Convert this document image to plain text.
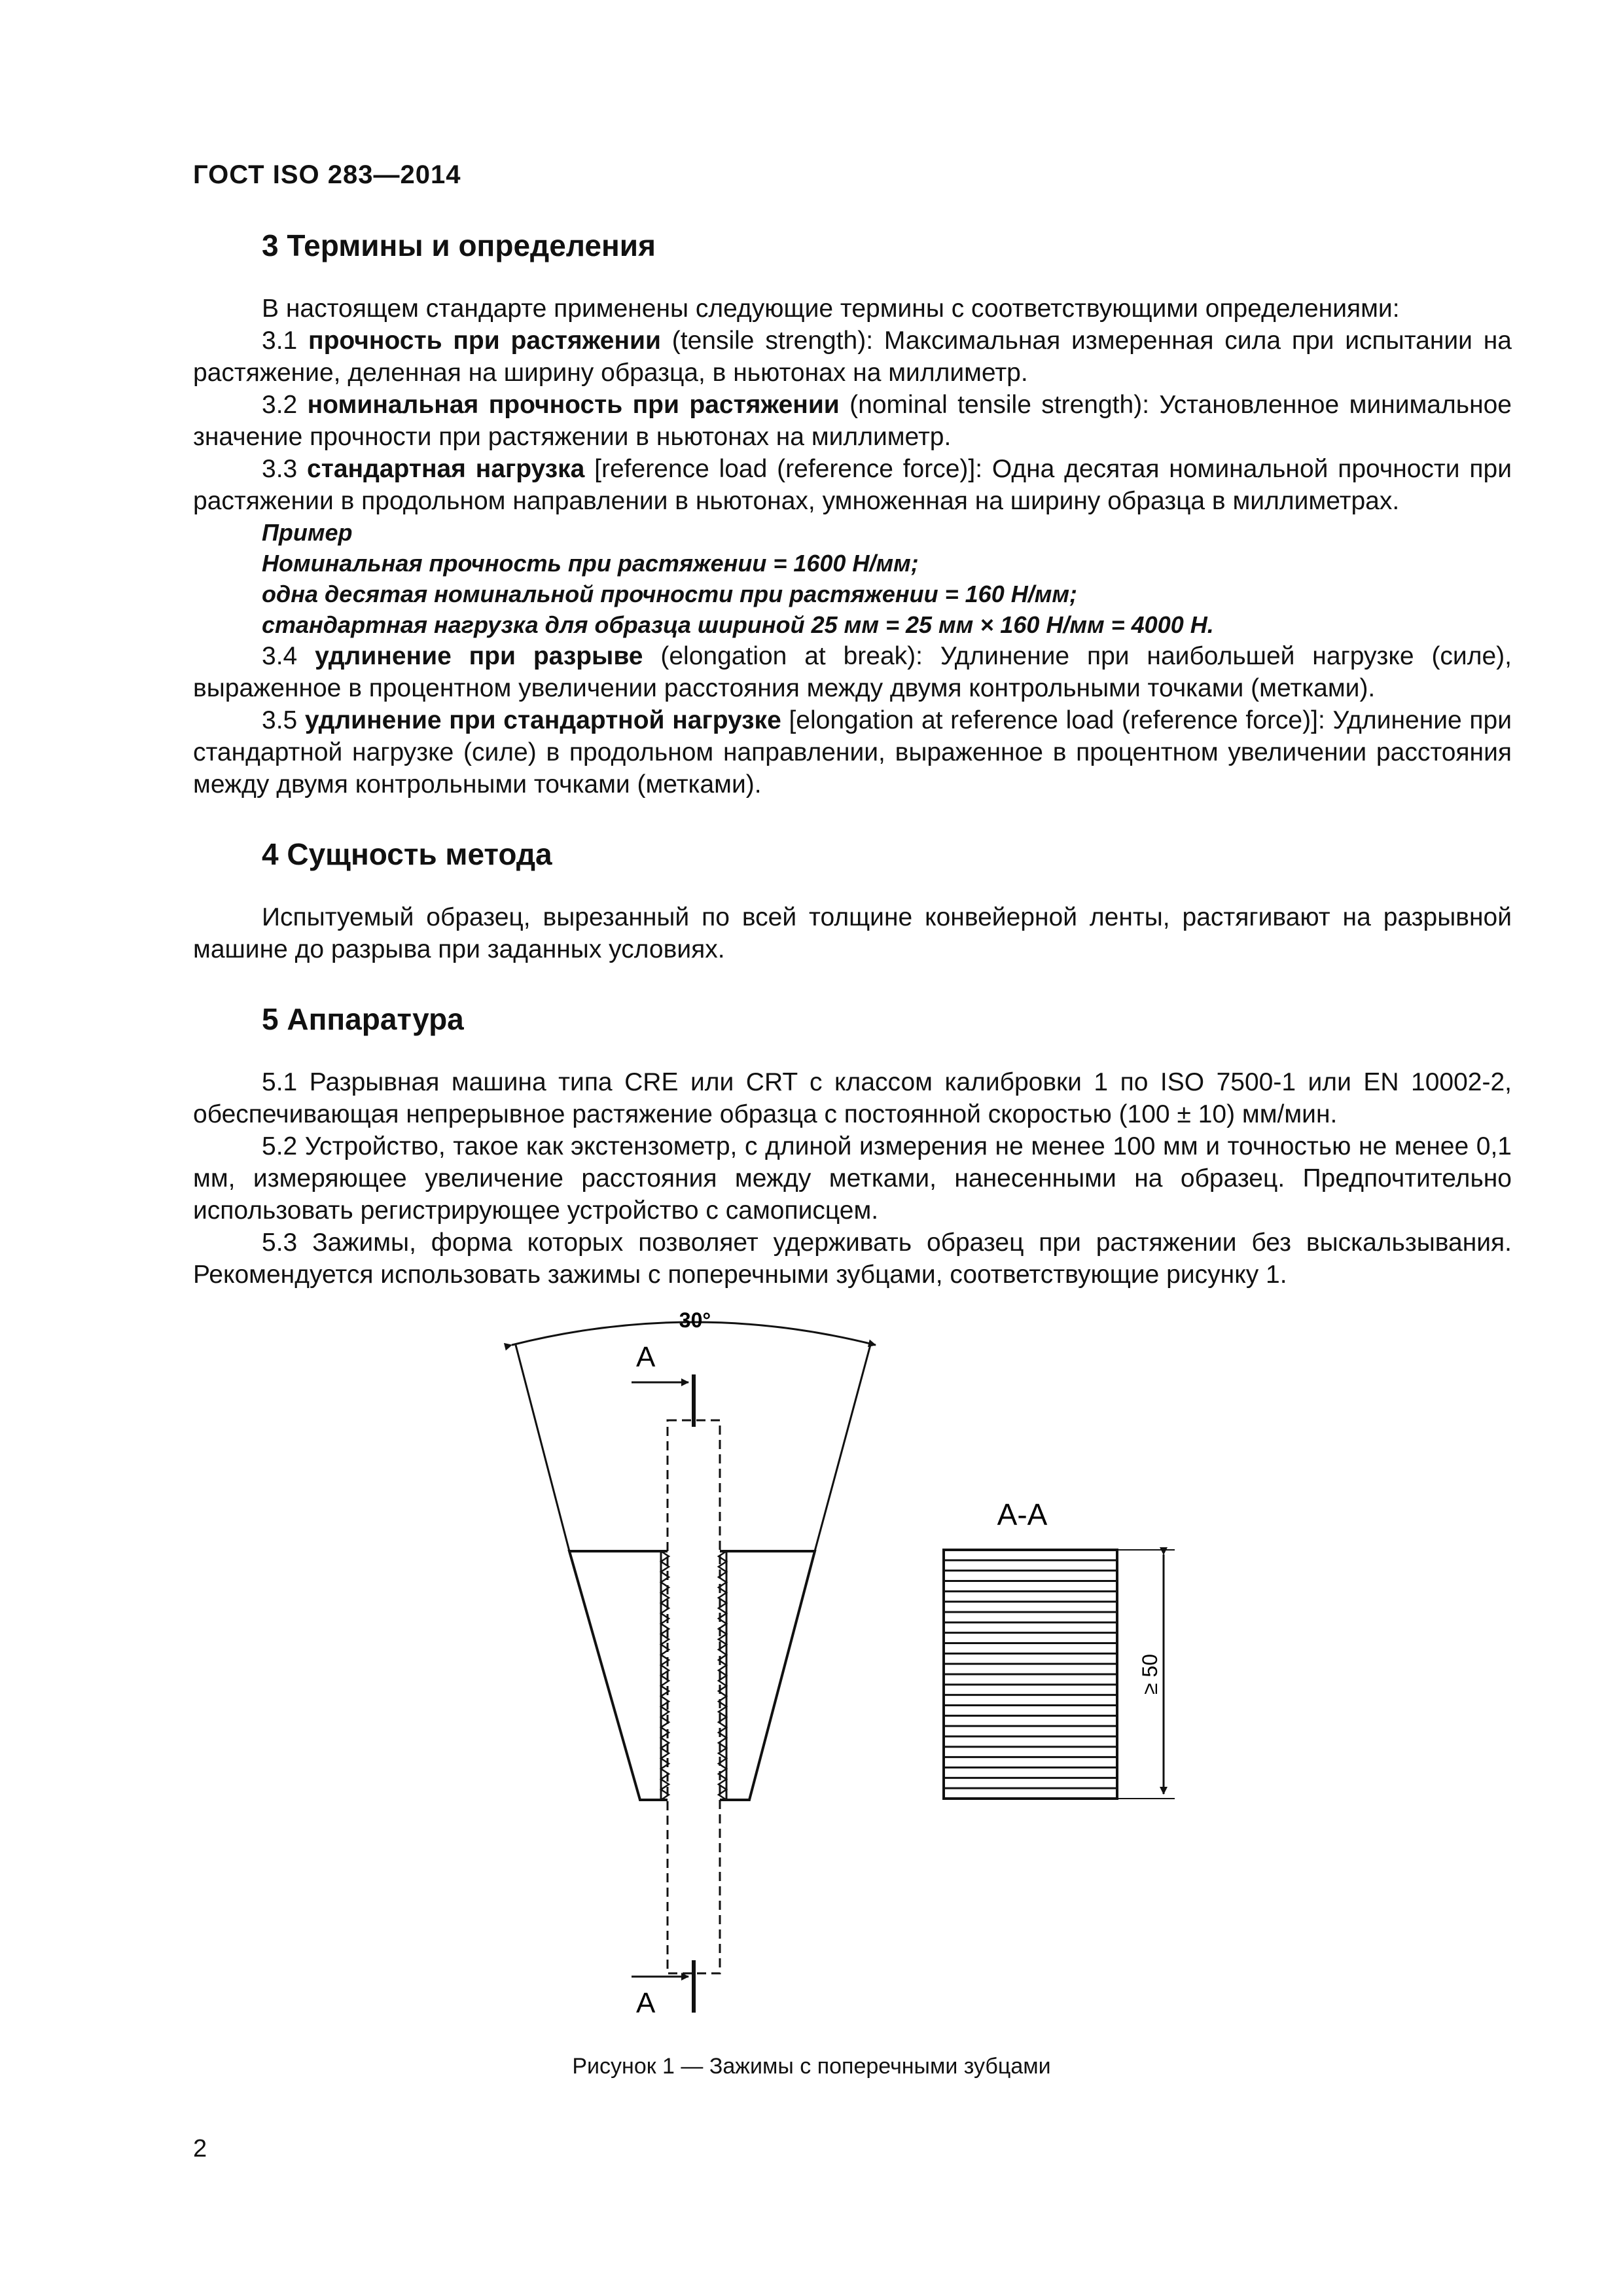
ГОСТ ISO 283—2014
3 Термины и определения

В настоящем стандарте применены следующие термины с соответствующими определениями:

3.1 прочность при растяжении (tensile strength): Максимальная измеренная сила при испытании на растяжение, деленная на ширину образца, в ньютонах на миллиметр.

3.2 номинальная прочность при растяжении (nominal tensile strength): Установленное минимальное значение прочности при растяжении в ньютонах на миллиметр.

3.3 стандартная нагрузка [reference load (reference force)]: Одна десятая номинальной прочности при растяжении в продольном направлении в ньютонах, умноженная на ширину образца в миллиметрах.

Пример
Номинальная прочность при растяжении = 1600 Н/мм;
одна десятая номинальной прочности при растяжении = 160 Н/мм;
стандартная нагрузка для образца шириной 25 мм = 25 мм × 160 Н/мм = 4000 Н.

3.4 удлинение при разрыве (elongation at break): Удлинение при наибольшей нагрузке (силе), выраженное в процентном увеличении расстояния между двумя контрольными точками (метками).

3.5 удлинение при стандартной нагрузке [elongation at reference load (reference force)]: Удлинение при стандартной нагрузке (силе) в продольном направлении, выраженное в процентном увеличении расстояния между двумя контрольными точками (метками).

4 Сущность метода

Испытуемый образец, вырезанный по всей толщине конвейерной ленты, растягивают на разрывной машине до разрыва при заданных условиях.

5 Аппаратура

5.1 Разрывная машина типа CRE или CRT с классом калибровки 1 по ISO 7500-1 или EN 10002-2, обеспечивающая непрерывное растяжение образца с постоянной скоростью (100 ± 10) мм/мин.

5.2 Устройство, такое как экстензометр, с длиной измерения не менее 100 мм и точностью не менее 0,1 мм, измеряющее увеличение расстояния между метками, нанесенными на образец. Предпочтительно использовать регистрирующее устройство с самописцем.

5.3 Зажимы, форма которых позволяет удерживать образец при растяжении без выскальзывания. Рекомендуется использовать зажимы с поперечными зубцами, соответствующие рисунку 1.

30°
А
А
А-А
≥ 50
Рисунок 1 — Зажимы с поперечными зубцами
2
